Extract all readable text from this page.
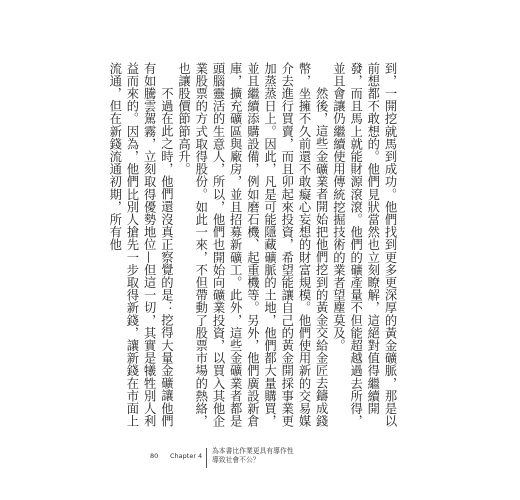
到，一開挖就馬到成功。他們找到更多更深厚的黃金礦脈，那是以前想都不敢想的。他們見狀當然也立刻瞭解，這絕對值得繼續開發，而且馬上就能財源滾滾。他們的礦產量不但能超越過去所得，並且會讓仍繼續使用傳統挖掘技術的業者望塵莫及。

然後，這些金礦業者開始把他們挖到的黃金交給金匠去鑄成錢幣，坐擁不久前還不敢癡心妄想的財富規模。他們使用新的交易媒介去進行買賣，而且卯起來投資，希望能讓自己的黃金開採事業更加蒸蒸日上。因此，凡是可能隱藏礦脈的土地，他們都大量購買，並且繼續添購設備，例如磨石機、起重機等。另外，他們廣設新倉庫，擴充礦區與廠房，並且招募新礦工。此外，這些金礦業者都是頭腦靈活的生意人，所以，他們也開始向礦業投資，以買入其他企業股票的方式取得股份。如此一來，不但帶動了股票市場的熱絡，也讓股價節節高升。

不過在此之時，他們還沒真正察覺的是：挖得大量金礦讓他們有如騰雲駕霧，立刻取得優勢地位—但這一切，其實是犧牲別人利益而來的。因為，他們比別人搶先一步取得新錢，讓新錢在市面上流通，但在新錢流通初期，所有他

80 Chapter 4
為本書比作業更具有導作性
導致社會不公？
